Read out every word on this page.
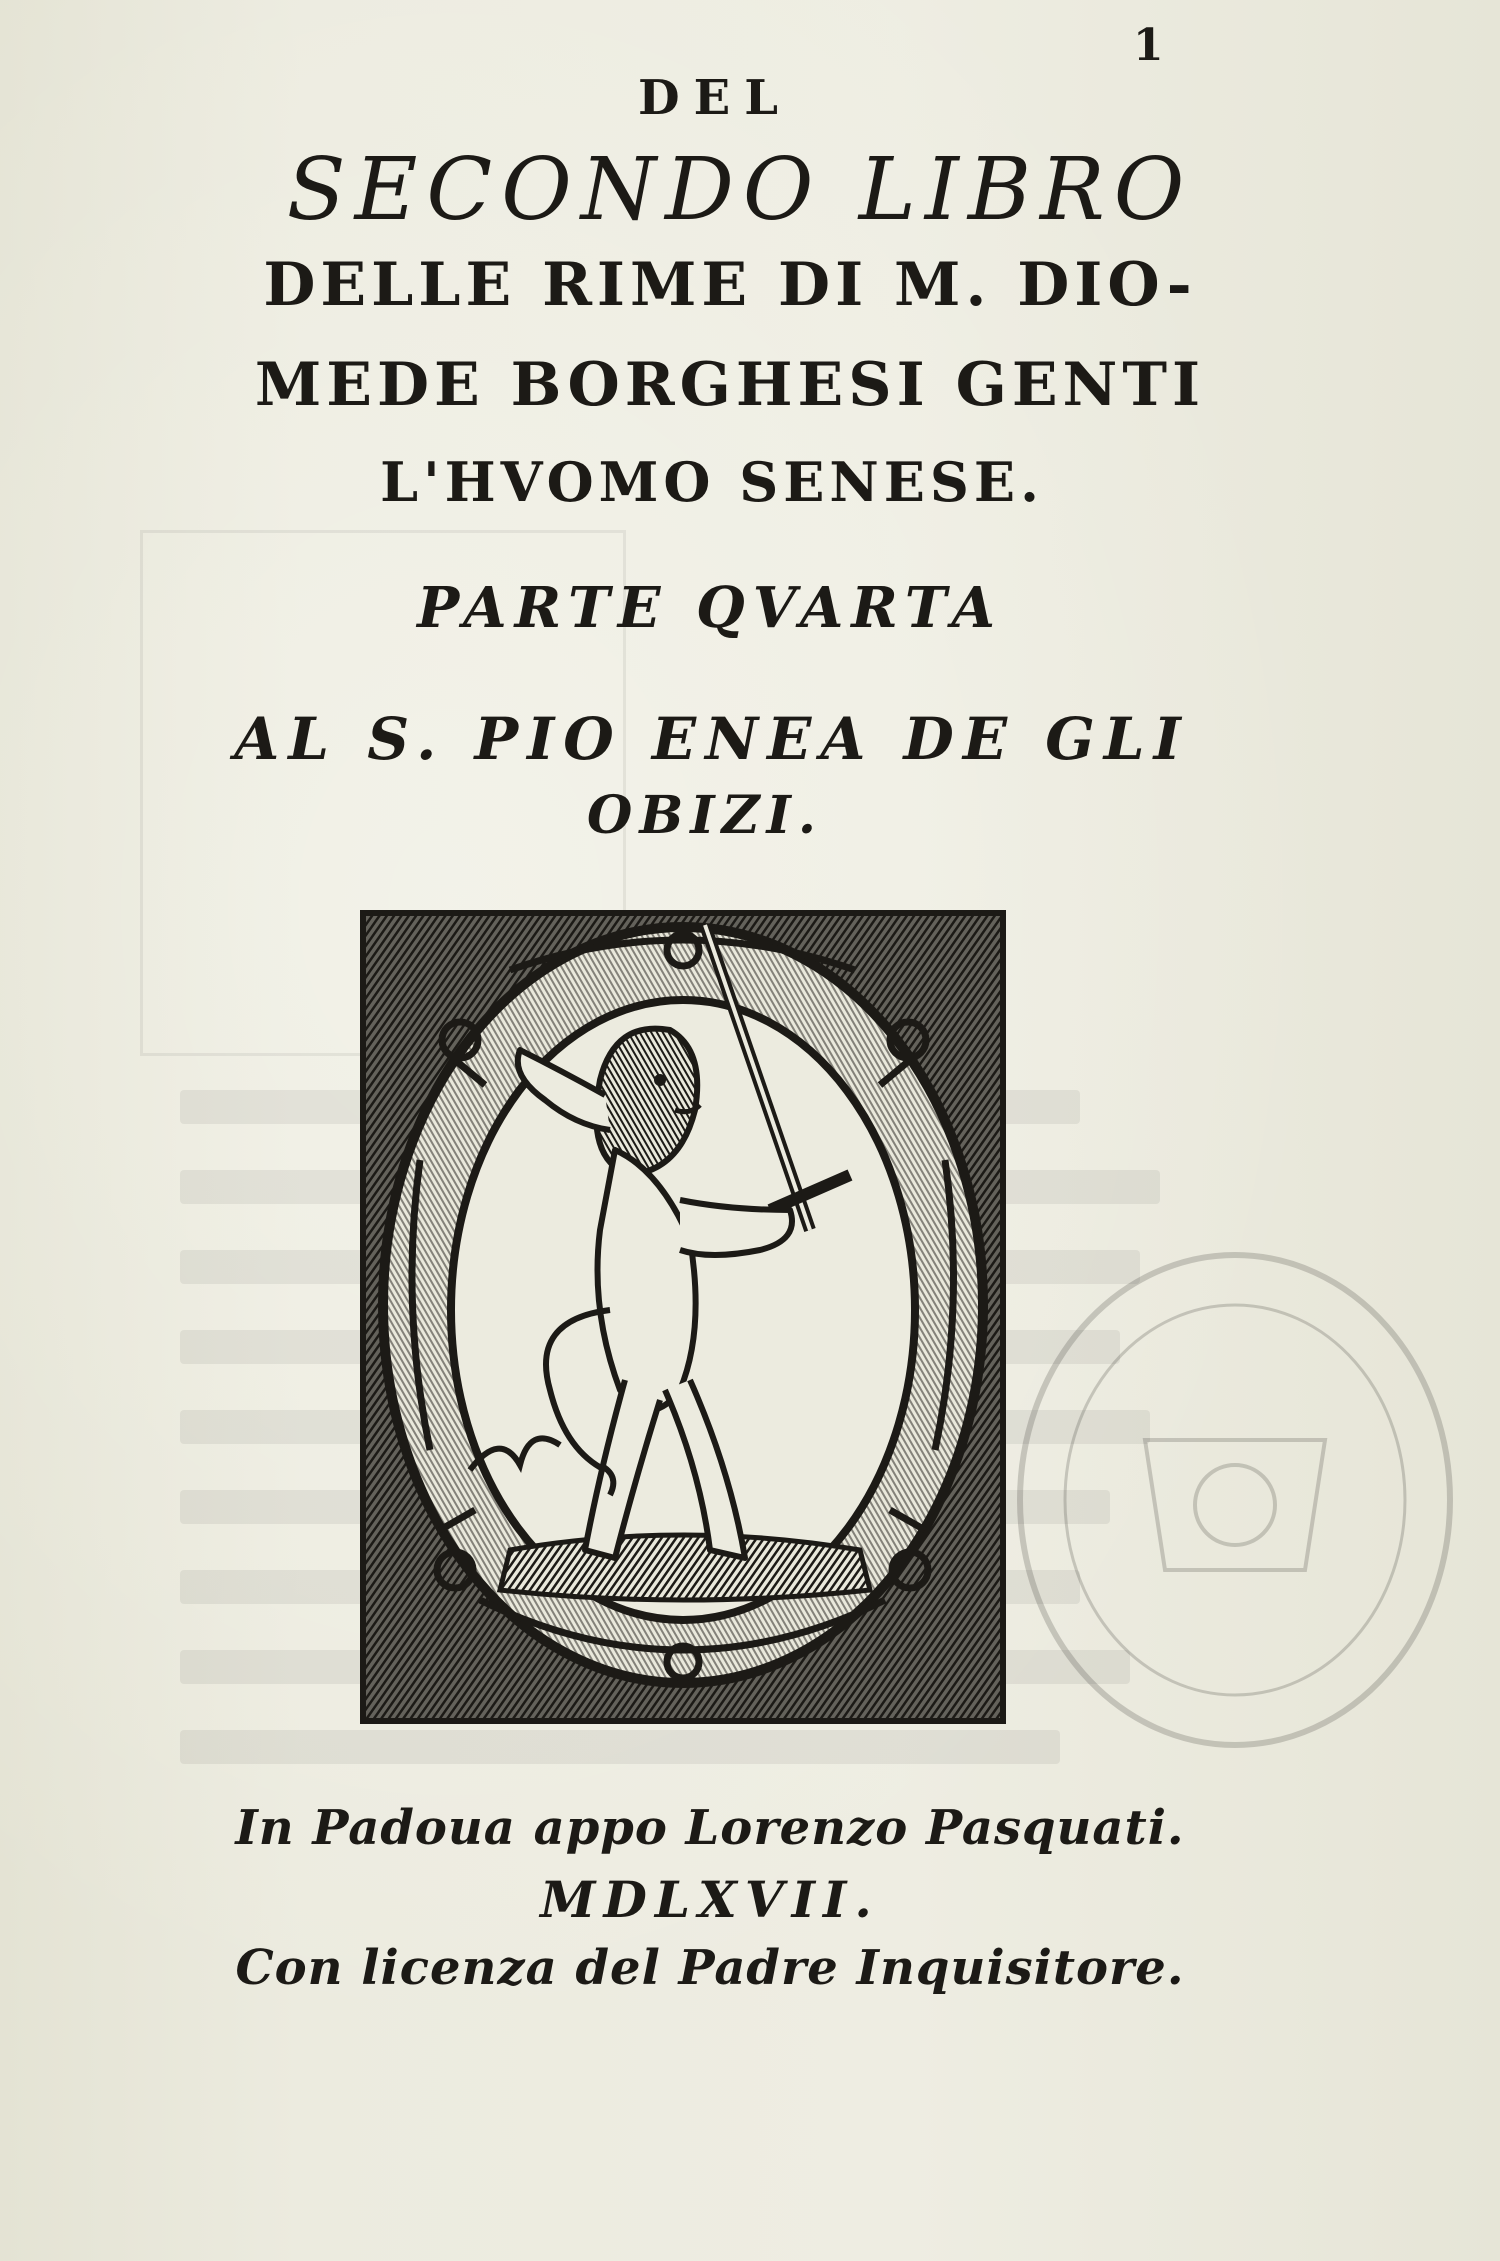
1
DEL
SECONDO LIBRO
DELLE RIME DI M. DIO-
MEDE BORGHESI GENTI
L'HVOMO SENESE.
PARTE QVARTA
AL S. PIO ENEA DE GLI
OBIZI.
In Padoua appo Lorenzo Pasquati.
MDLXVII.
Con licenza del Padre Inquisitore.
